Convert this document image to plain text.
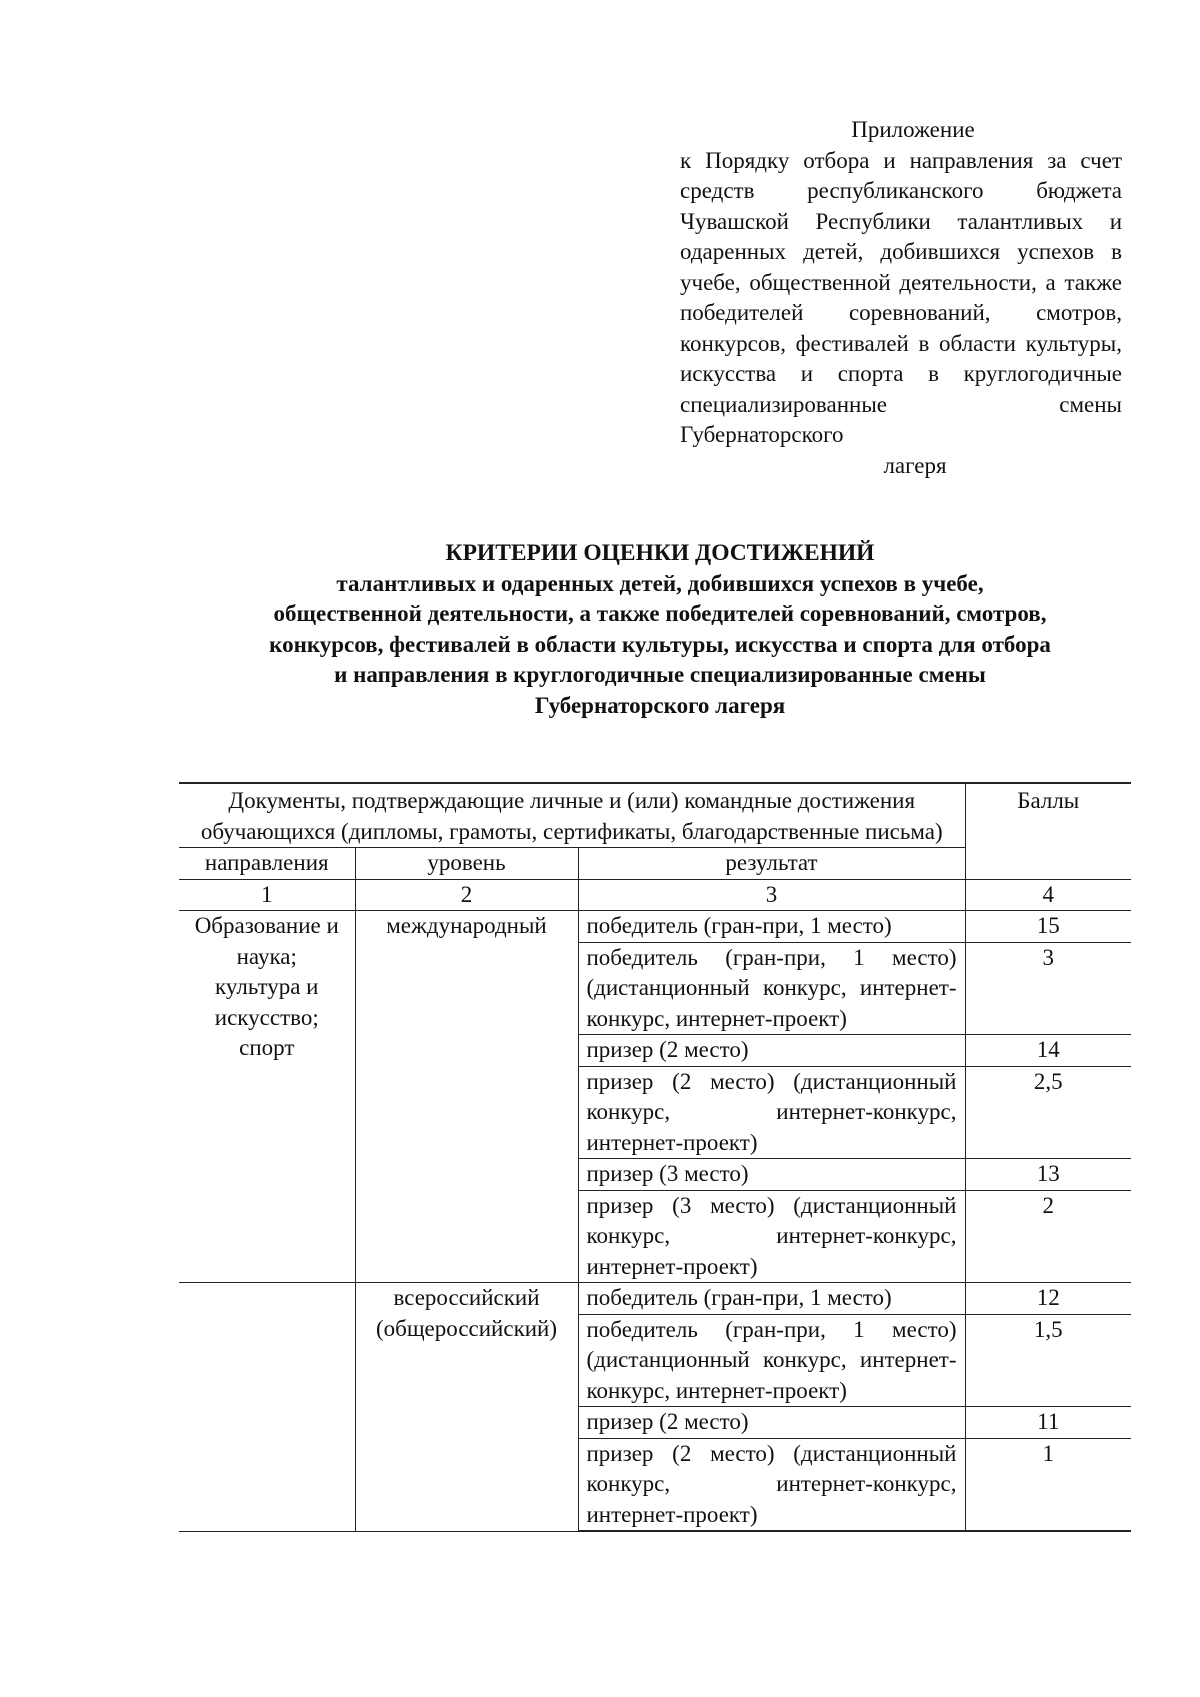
Приложение
к Порядку отбора и направления за счет средств республиканского бюджета Чувашской Республики талантливых и одаренных детей, добившихся успехов в учебе, общественной деятельности, а также победителей соревнований, смотров, конкурсов, фестивалей в области культуры, искусства и спорта в круглогодичные специализированные смены Губернаторского
лагеря
КРИТЕРИИ ОЦЕНКИ ДОСТИЖЕНИЙ
талантливых и одаренных детей, добившихся успехов в учебе,
общественной деятельности, а также победителей соревнований, смотров,
конкурсов, фестивалей в области культуры, искусства и спорта для отбора
и направления в круглогодичные специализированные смены
Губернаторского лагеря
Документы, подтверждающие личные и (или) командные достижения обучающихся (дипломы, грамоты, сертификаты, благодарственные письма)			Баллы
направления	уровень	результат	
1	2	3	4
Образование и наука; культура и искусство; спорт	международный	победитель (гран-при, 1 место)	15
		победитель (гран-при, 1 место) (дистанционный конкурс, интернет-конкурс, интернет-проект)	3
		призер (2 место)	14
		призер (2 место) (дистанционный конкурс, интернет-конкурс, интернет-проект)	2,5
		призер (3 место)	13
		призер (3 место) (дистанционный конкурс, интернет-конкурс, интернет-проект)	2
	всероссийский (общероссийский)	победитель (гран-при, 1 место)	12
		победитель (гран-при, 1 место) (дистанционный конкурс, интернет-конкурс, интернет-проект)	1,5
		призер (2 место)	11
		призер (2 место) (дистанционный конкурс, интернет-конкурс, интернет-проект)	1
